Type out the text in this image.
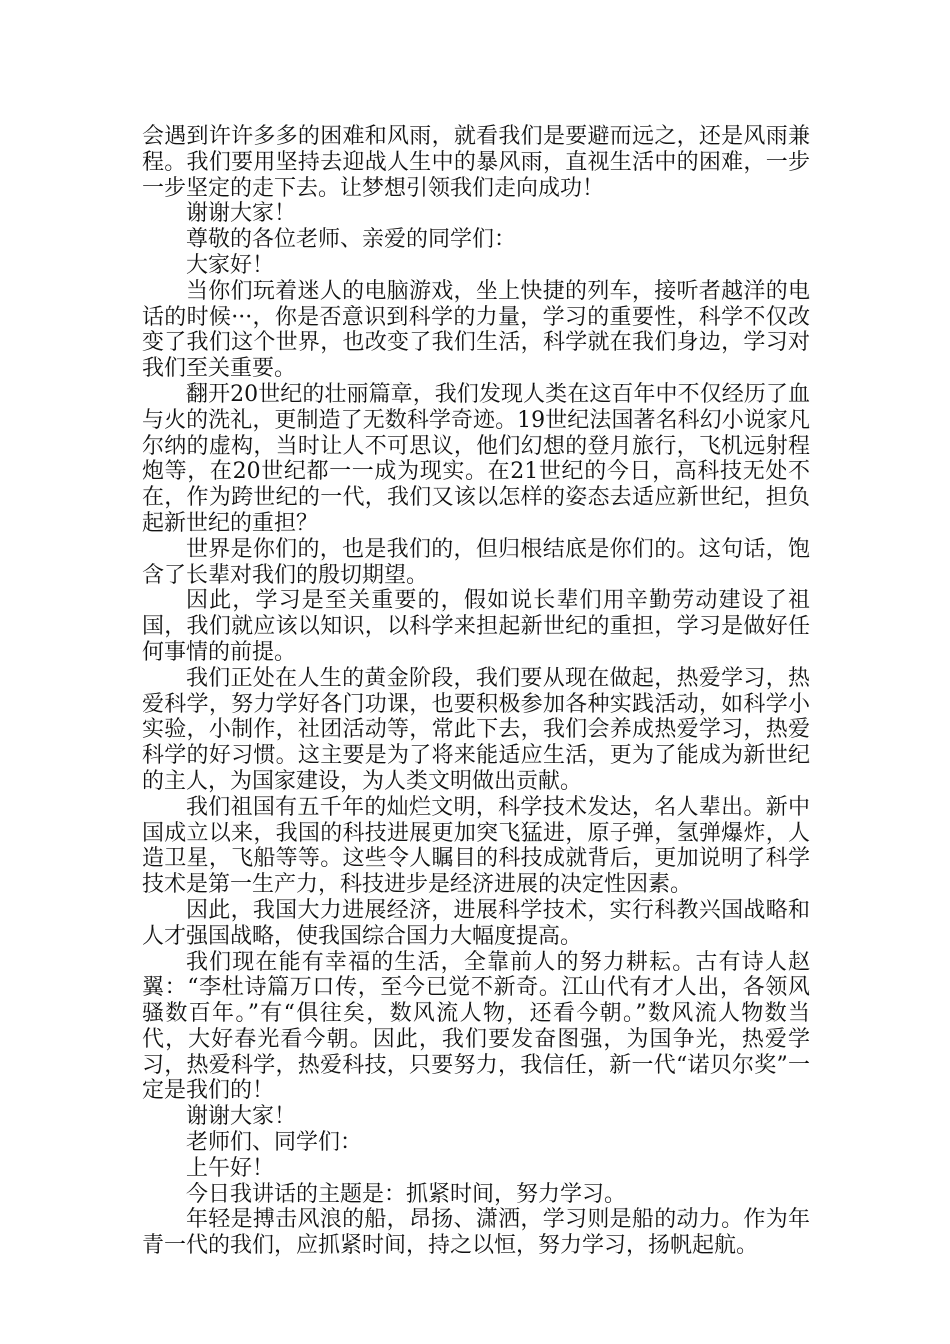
会遇到许许多多的困难和风雨，就看我们是要避而远之，还是风雨兼程。我们要用坚持去迎战人生中的暴风雨，直视生活中的困难，一步一步坚定的走下去。让梦想引领我们走向成功！

谢谢大家！

尊敬的各位老师、亲爱的同学们：

大家好！

当你们玩着迷人的电脑游戏，坐上快捷的列车，接听者越洋的电话的时候···，你是否意识到科学的力量，学习的重要性，科学不仅改变了我们这个世界，也改变了我们生活，科学就在我们身边，学习对我们至关重要。

翻开20世纪的壮丽篇章，我们发现人类在这百年中不仅经历了血与火的洗礼，更制造了无数科学奇迹。19世纪法国著名科幻小说家凡尔纳的虚构，当时让人不可思议，他们幻想的登月旅行，飞机远射程炮等，在20世纪都一一成为现实。在21世纪的今日，高科技无处不在，作为跨世纪的一代，我们又该以怎样的姿态去适应新世纪，担负起新世纪的重担？

世界是你们的，也是我们的，但归根结底是你们的。这句话，饱含了长辈对我们的殷切期望。

因此，学习是至关重要的，假如说长辈们用辛勤劳动建设了祖国，我们就应该以知识，以科学来担起新世纪的重担，学习是做好任何事情的前提。

我们正处在人生的黄金阶段，我们要从现在做起，热爱学习，热爱科学，努力学好各门功课，也要积极参加各种实践活动，如科学小实验，小制作，社团活动等，常此下去，我们会养成热爱学习，热爱科学的好习惯。这主要是为了将来能适应生活，更为了能成为新世纪的主人，为国家建设，为人类文明做出贡献。

我们祖国有五千年的灿烂文明，科学技术发达，名人辈出。新中国成立以来，我国的科技进展更加突飞猛进，原子弹，氢弹爆炸，人造卫星，飞船等等。这些令人瞩目的科技成就背后，更加说明了科学技术是第一生产力，科技进步是经济进展的决定性因素。

因此，我国大力进展经济，进展科学技术，实行科教兴国战略和人才强国战略，使我国综合国力大幅度提高。

我们现在能有幸福的生活，全靠前人的努力耕耘。古有诗人赵翼：“李杜诗篇万口传，至今已觉不新奇。江山代有才人出，各领风骚数百年。”有“俱往矣，数风流人物，还看今朝。”数风流人物数当代，大好春光看今朝。因此，我们要发奋图强，为国争光，热爱学习，热爱科学，热爱科技，只要努力，我信任，新一代“诺贝尔奖”一定是我们的！

谢谢大家！

老师们、同学们：

上午好！

今日我讲话的主题是：抓紧时间，努力学习。

年轻是搏击风浪的船，昂扬、潇洒，学习则是船的动力。作为年青一代的我们，应抓紧时间，持之以恒，努力学习，扬帆起航。
